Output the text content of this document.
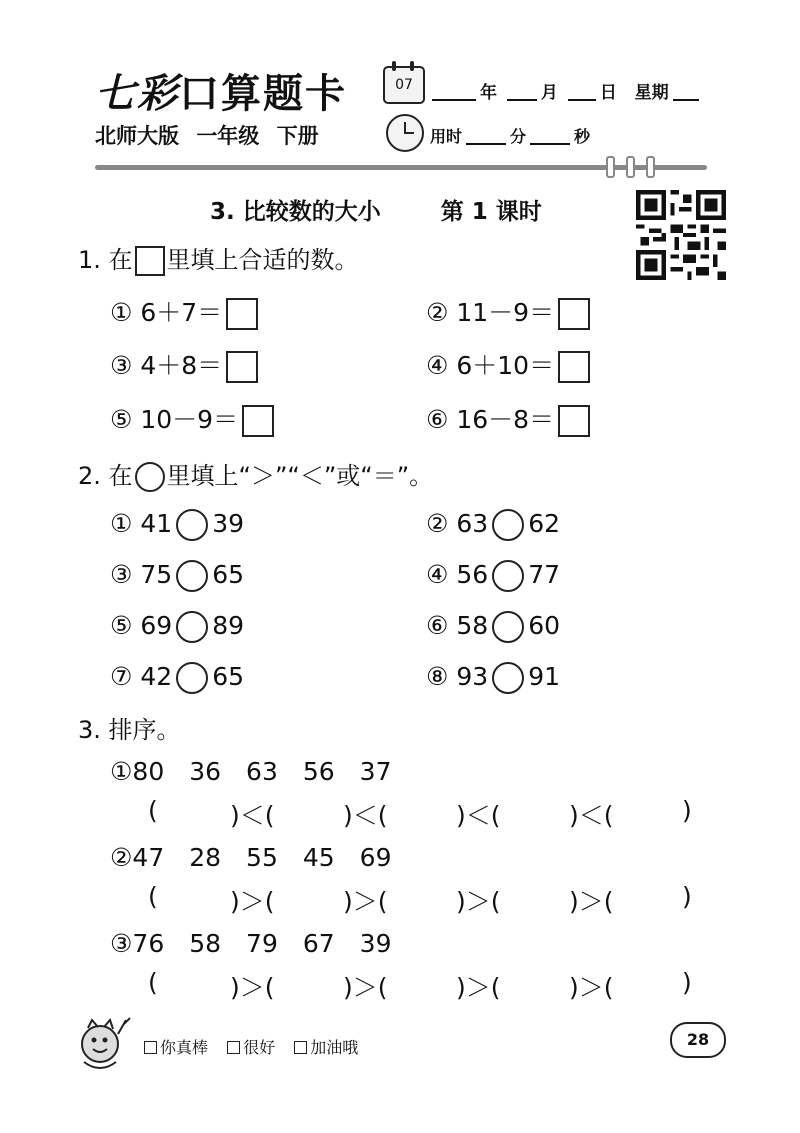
七彩口算题卡
北师大版 一年级 下册
07	年	月 日 星期
用时	分	秒
3. 比较数的大小	第 1 课时
1. 在 里填上合适的数。
① 6＋7＝	② 11－9＝
③ 4＋8＝	④ 6＋10＝
⑤ 10－9＝	⑥ 16－8＝
2. 在 里填上“＞”“＜”或“＝”。
① 41 39	② 63 62
③ 75 65	④ 56 77
⑤ 69 89	⑥ 58 60
⑦ 42 65	⑧ 93 91
3. 排序。
①80　36　63　56　37
(	)＜(	)＜(	)＜(	)＜(	)
②47　28　55　45　69
(	)＞(	)＞(	)＞(	)＞(	)
③76　58　79　67　39
(	)＞(	)＞(	)＞(	)＞(	)
你真棒 很好 加油哦	28
